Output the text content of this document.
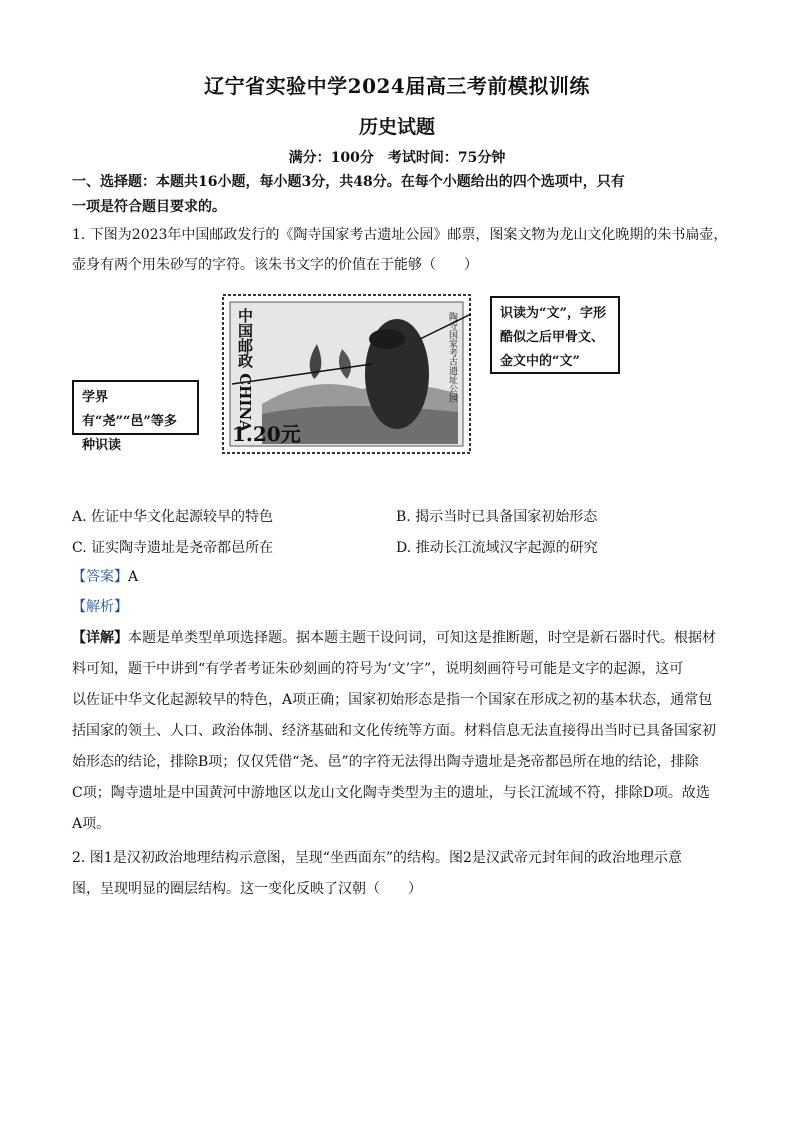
辽宁省实验中学2024届高三考前模拟训练
历史试题
满分：100分　考试时间：75分钟
一、选择题：本题共16小题，每小题3分，共48分。在每个小题给出的四个选项中，只有
一项是符合题目要求的。
1. 下图为2023年中国邮政发行的《陶寺国家考古遗址公园》邮票，图案文物为龙山文化晚期的朱书扁壶，
壶身有两个用朱砂写的字符。该朱书文字的价值在于能够（　　）
中国邮政 CHINA
1.20元
陶寺国家考古遗址公园
学界有“尧”“邑”等多种识读
识读为“文”，字形酷似之后甲骨文、金文中的“文”
A. 佐证中华文化起源较早的特色	B. 揭示当时已具备国家初始形态
C. 证实陶寺遗址是尧帝都邑所在	D. 推动长江流域汉字起源的研究
【答案】A
【解析】
【详解】本题是单类型单项选择题。据本题主题干设问词，可知这是推断题，时空是新石器时代。根据材
料可知，题干中讲到“有学者考证朱砂刻画的符号为‘文’字”，说明刻画符号可能是文字的起源，这可
以佐证中华文化起源较早的特色，A项正确；国家初始形态是指一个国家在形成之初的基本状态，通常包
括国家的领土、人口、政治体制、经济基础和文化传统等方面。材料信息无法直接得出当时已具备国家初
始形态的结论，排除B项；仅仅凭借“尧、邑”的字符无法得出陶寺遗址是尧帝都邑所在地的结论，排除
C项；陶寺遗址是中国黄河中游地区以龙山文化陶寺类型为主的遗址，与长江流域不符，排除D项。故选
A项。
2. 图1是汉初政治地理结构示意图，呈现“坐西面东”的结构。图2是汉武帝元封年间的政治地理示意
图，呈现明显的圈层结构。这一变化反映了汉朝（　　）
